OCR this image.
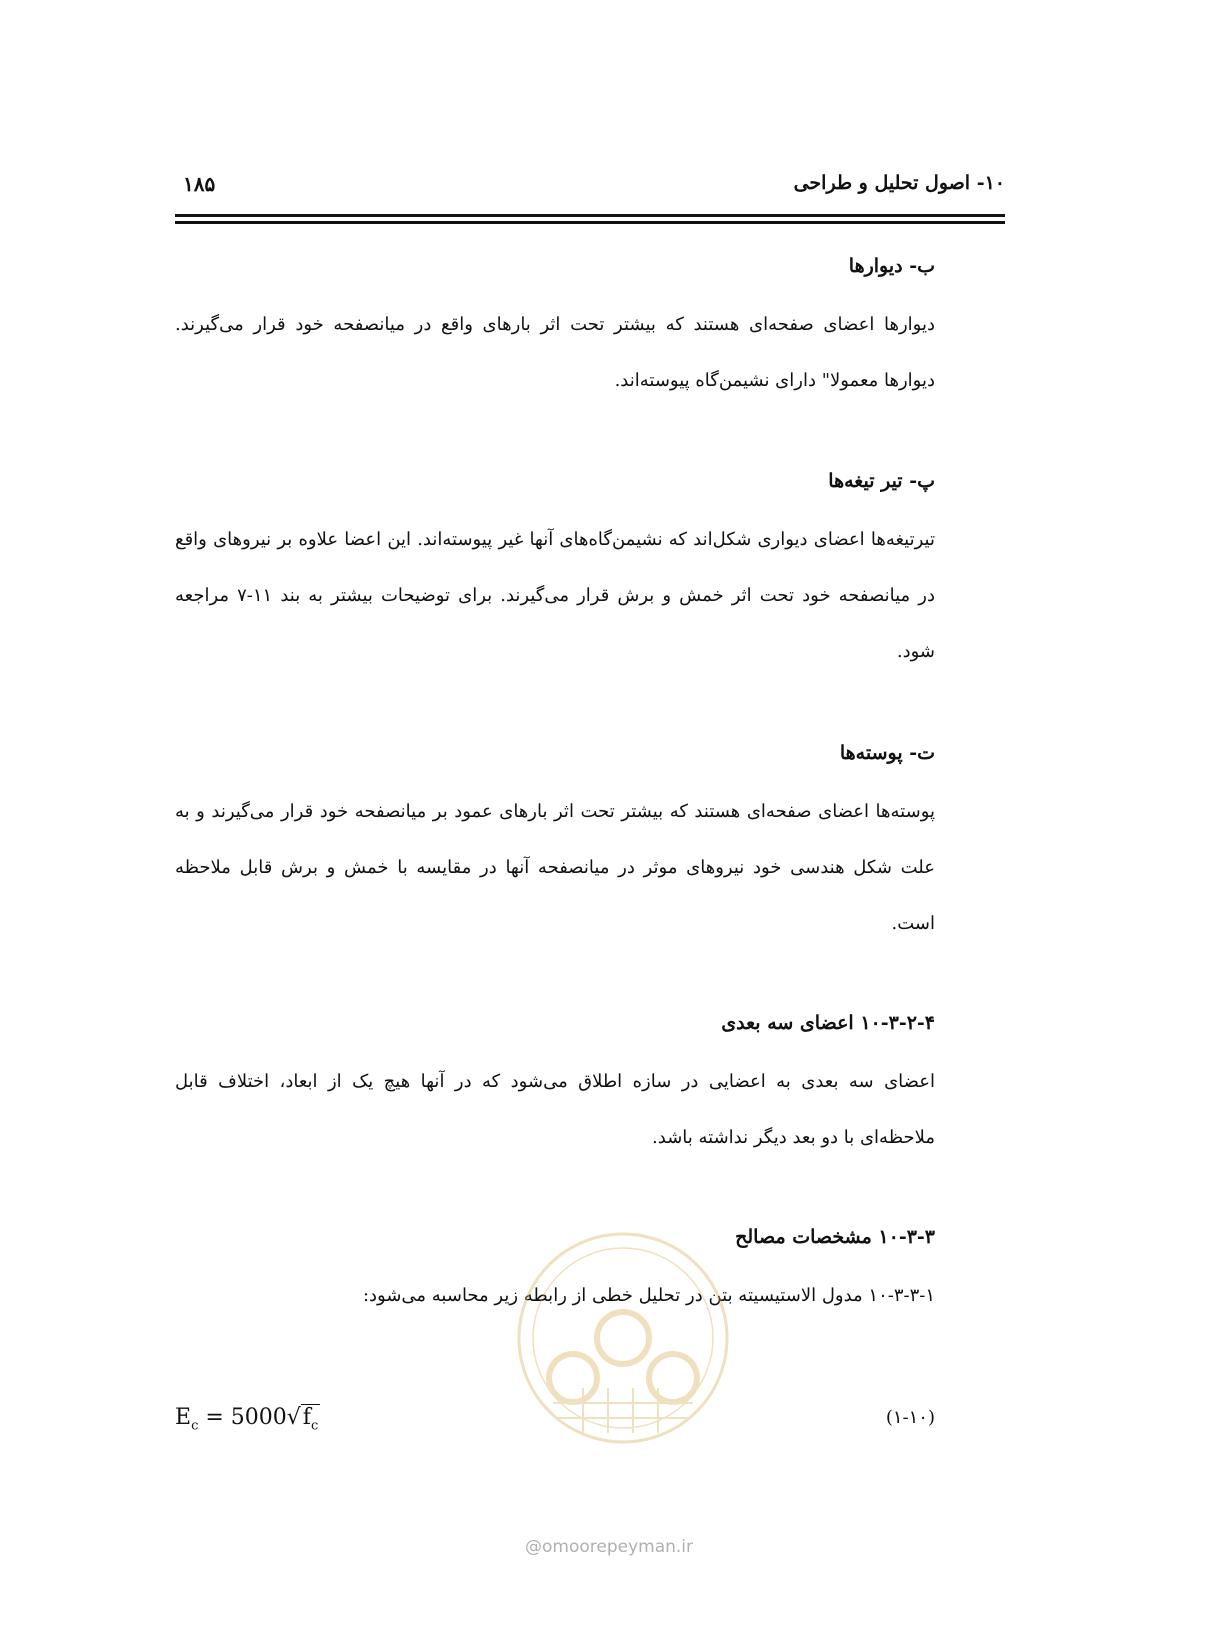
۱۰- اصول تحلیل و طراحی
۱۸۵
ب- دیوارها
دیوارها اعضای صفحه‌ای هستند که بیشتر تحت اثر بارهای واقع در میانصفحه خود قرار می‌گیرند. دیوارها معمولا" دارای نشیمن‌گاه پیوسته‌اند.
پ- تیر تیغه‌ها
تیرتیغه‌ها اعضای دیواری شکل‌اند که نشیمن‌گاه‌های آنها غیر پیوسته‌اند. این اعضا علاوه بر نیروهای واقع در میانصفحه خود تحت اثر خمش و برش قرار می‌گیرند. برای توضیحات بیشتر به بند ۱۱-۷ مراجعه شود.
ت- پوسته‌ها
پوسته‌ها اعضای صفحه‌ای هستند که بیشتر تحت اثر بارهای عمود بر میانصفحه خود قرار می‌گیرند و به علت شکل هندسی خود نیروهای موثر در میانصفحه آنها در مقایسه با خمش و برش قابل ملاحظه است.
۱۰-۳-۲-۴ اعضای سه بعدی
اعضای سه بعدی به اعضایی در سازه اطلاق می‌شود که در آنها هیچ یک از ابعاد، اختلاف قابل ملاحظه‌ای با دو بعد دیگر نداشته باشد.
۱۰-۳-۳ مشخصات مصالح
۱۰-۳-۳-۱ مدول الاستیسیته بتن در تحلیل خطی از رابطه زیر محاسبه می‌شود:
$E_c = 5000√f_c$	(۱-۱۰)
@omoorepeyman.ir
